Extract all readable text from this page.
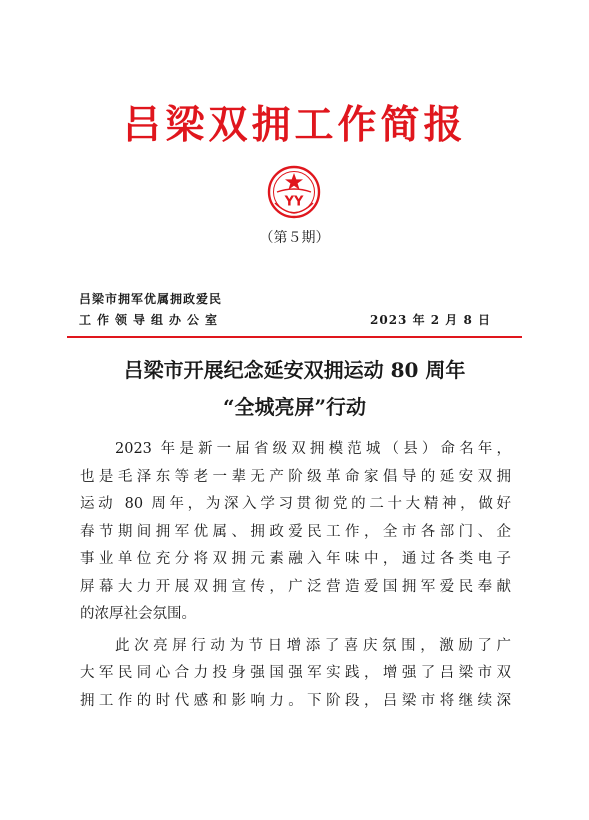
吕梁双拥工作简报
YY
（第５期）
吕梁市拥军优属拥政爱民
工作领导组办公室	2023 年 2 月 8 日
吕梁市开展纪念延安双拥运动 80 周年
“全城亮屏”行动
2023 年是新一届省级双拥模范城（县）命名年，
也是毛泽东等老一辈无产阶级革命家倡导的延安双拥
运动 80 周年，为深入学习贯彻党的二十大精神，做好
春节期间拥军优属、拥政爱民工作，全市各部门、企
事业单位充分将双拥元素融入年味中，通过各类电子
屏幕大力开展双拥宣传，广泛营造爱国拥军爱民奉献
的浓厚社会氛围。
此次亮屏行动为节日增添了喜庆氛围，激励了广
大军民同心合力投身强国强军实践，增强了吕梁市双
拥工作的时代感和影响力。下阶段，吕梁市将继续深
